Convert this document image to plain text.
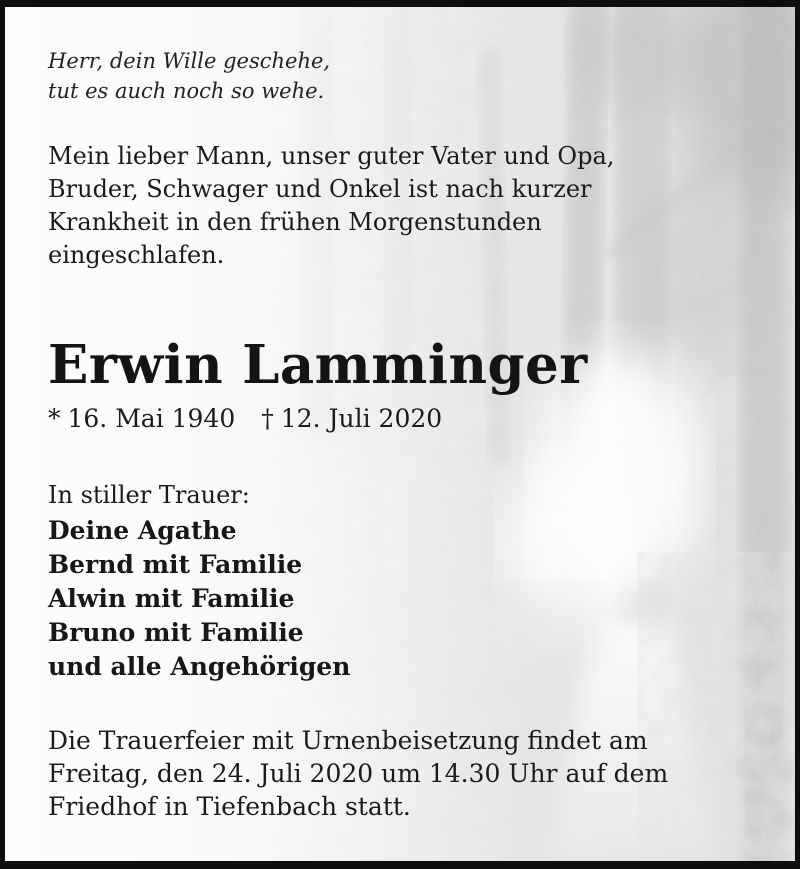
Herr, dein Wille geschehe,
tut es auch noch so wehe.
Mein lieber Mann, unser guter Vater und Opa,
Bruder, Schwager und Onkel ist nach kurzer
Krankheit in den frühen Morgenstunden
eingeschlafen.
Erwin Lamminger
* 16. Mai 1940 † 12. Juli 2020
In stiller Trauer:
Deine Agathe
Bernd mit Familie
Alwin mit Familie
Bruno mit Familie
und alle Angehörigen
Die Trauerfeier mit Urnenbeisetzung findet am
Freitag, den 24. Juli 2020 um 14.30 Uhr auf dem
Friedhof in Tiefenbach statt.
